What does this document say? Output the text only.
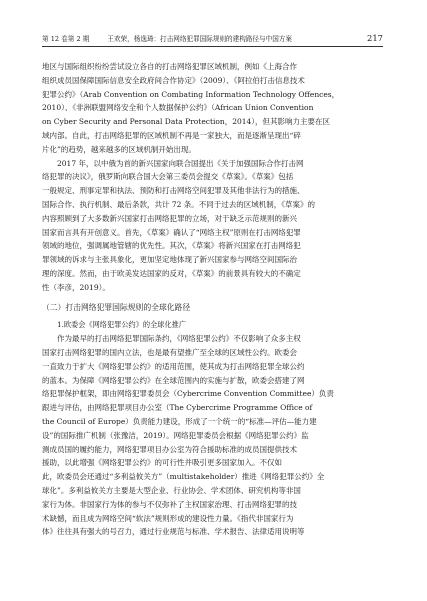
第 12 卷第 2 期	王欢荣，杨逸琦：打击网络犯罪国际规则的建构路径与中国方案	217
地区与国际组织纷纷尝试设立各自的打击网络犯罪区域机制，例如《上海合作
组织成员国保障国际信息安全政府间合作协定》（2009）、《阿拉伯打击信息技术
犯罪公约》（Arab Convention on Combating Information Technology Offences，
2010）、《非洲联盟网络安全和个人数据保护公约》（African Union Convention
on Cyber Security and Personal Data Protection，2014），但其影响力主要在区
域内部。自此，打击网络犯罪的区域机制不再是一家独大，而是逐渐呈现出“碎
片化”的趋势，越来越多的区域机制开始出现。
2017 年，以中俄为首的新兴国家向联合国提出《关于加强国际合作打击网
络犯罪的决议》，俄罗斯向联合国大会第三委员会提交《草案》。《草案》包括
一般规定、刑事定罪和执法、预防和打击网络空间犯罪及其他非法行为的措施、
国际合作、执行机制、最后条款，共计 72 条。不同于过去的区域机制，《草案》的
内容照顾到了大多数新兴国家打击网络犯罪的立场，对于缺乏示范规则的新兴
国家而言具有开创意义。首先，《草案》确认了“网络主权”原则在打击网络犯罪
领域的地位，强调属地管辖的优先性。其次，《草案》将新兴国家在打击网络犯
罪领域的诉求与主张具象化，更加坚定地体现了新兴国家参与网络空间国际治
理的深度。然而，由于欧美发达国家的反对，《草案》的前景具有较大的不确定
性（李彦，2019）。
（二）打击网络犯罪国际规则的全球化路径
1.欧委会《网络犯罪公约》的全球化推广
作为最早的打击网络犯罪国际条约，《网络犯罪公约》不仅影响了众多主权
国家打击网络犯罪的国内立法，也是最有望推广至全球的区域性公约。欧委会
一直致力于扩大《网络犯罪公约》的适用范围，使其成为打击网络犯罪全球公约
的蓝本。为保障《网络犯罪公约》在全球范围内的实施与扩散，欧委会搭建了网
络犯罪保护框架，即由网络犯罪委员会（Cybercrime Convention Committee）负责
跟进与评估，由网络犯罪项目办公室（The Cybercrime Programme Office of
the Council of Europe）负责能力建设，形成了一个统一的“标准—评估—能力建
设”的国际推广机制（张豫洁，2019）。网络犯罪委员会根据《网络犯罪公约》监
测成员国的履约能力，网络犯罪项目办公室为符合援助标准的成员国提供技术
援助，以此增强《网络犯罪公约》的可行性并吸引更多国家加入。不仅如
此，欧委员会还通过“多利益攸关方”（multistakeholder）推进《网络犯罪公约》全
球化”。多利益攸关方主要是大型企业、行业协会、学术团体、研究机构等非国
家行为体。非国家行为体的参与不仅弥补了主权国家治理、打击网络犯罪的技
术缺憾，而且成为网络空间“软法”规则形成的建设性力量。《指代非国家行为
体》往往具有强大的号召力，通过行业规范与标准、学术报告、法律适用说明等
